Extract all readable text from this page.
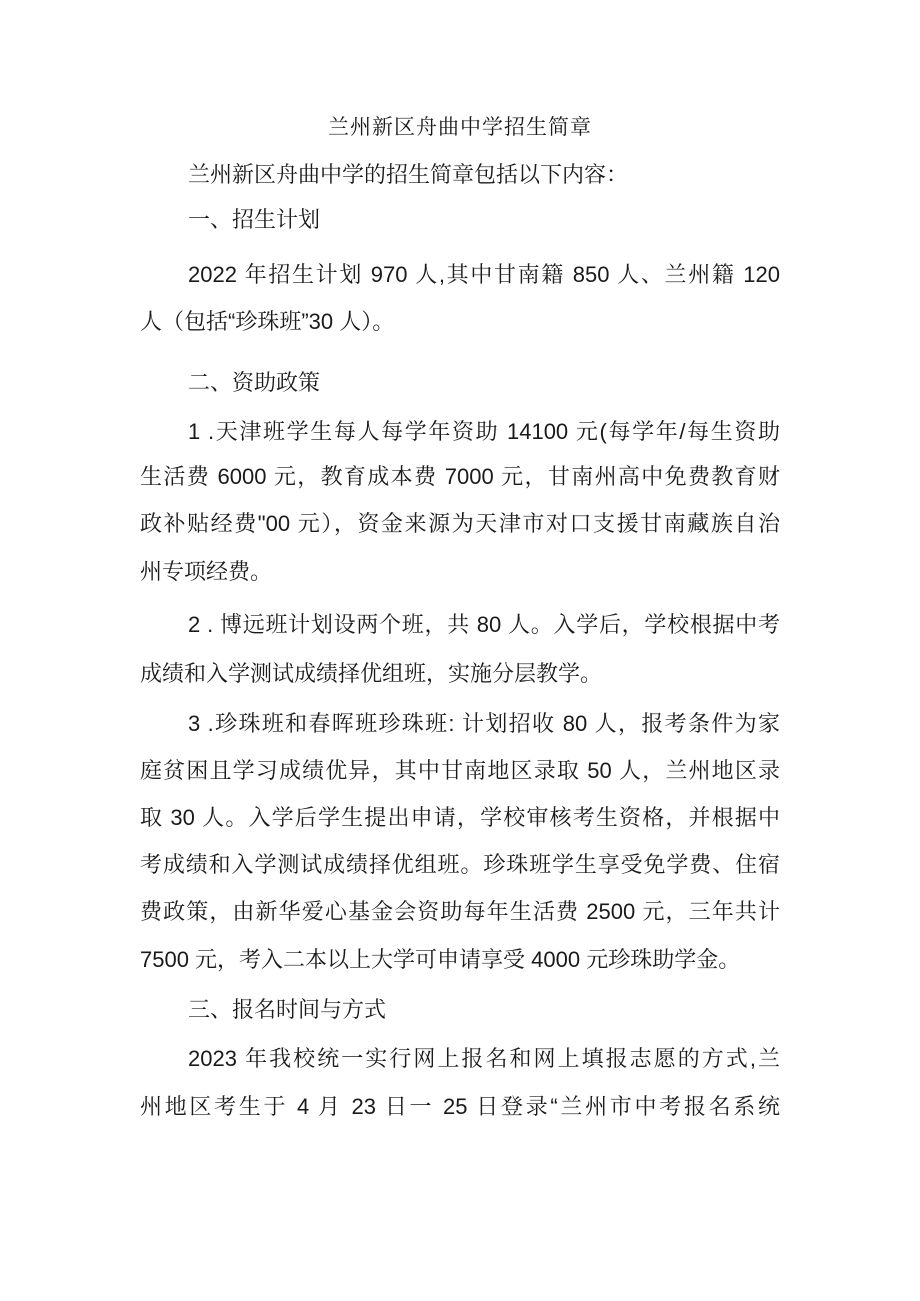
兰州新区舟曲中学招生简章
兰州新区舟曲中学的招生简章包括以下内容：
一、招生计划
2022 年招生计划 970 人,其中甘南籍 850 人、兰州籍 120
人（包括“珍珠班”30 人）。
二、资助政策
1 .天津班学生每人每学年资助 14100 元(每学年/每生资助
生活费 6000 元，教育成本费 7000 元，甘南州高中免费教育财
政补贴经费"00 元），资金来源为天津市对口支援甘南藏族自治
州专项经费。
2 . 博远班计划设两个班，共 80 人。入学后，学校根据中考
成绩和入学测试成绩择优组班，实施分层教学。
3 .珍珠班和春晖班珍珠班: 计划招收 80 人，报考条件为家
庭贫困且学习成绩优异，其中甘南地区录取 50 人，兰州地区录
取 30 人。入学后学生提出申请，学校审核考生资格，并根据中
考成绩和入学测试成绩择优组班。珍珠班学生享受免学费、住宿
费政策，由新华爱心基金会资助每年生活费 2500 元，三年共计
7500 元，考入二本以上大学可申请享受 4000 元珍珠助学金。
三、报名时间与方式
2023 年我校统一实行网上报名和网上填报志愿的方式,兰
州地区考生于 4 月 23 日一 25 日登录“兰州市中考报名系统
